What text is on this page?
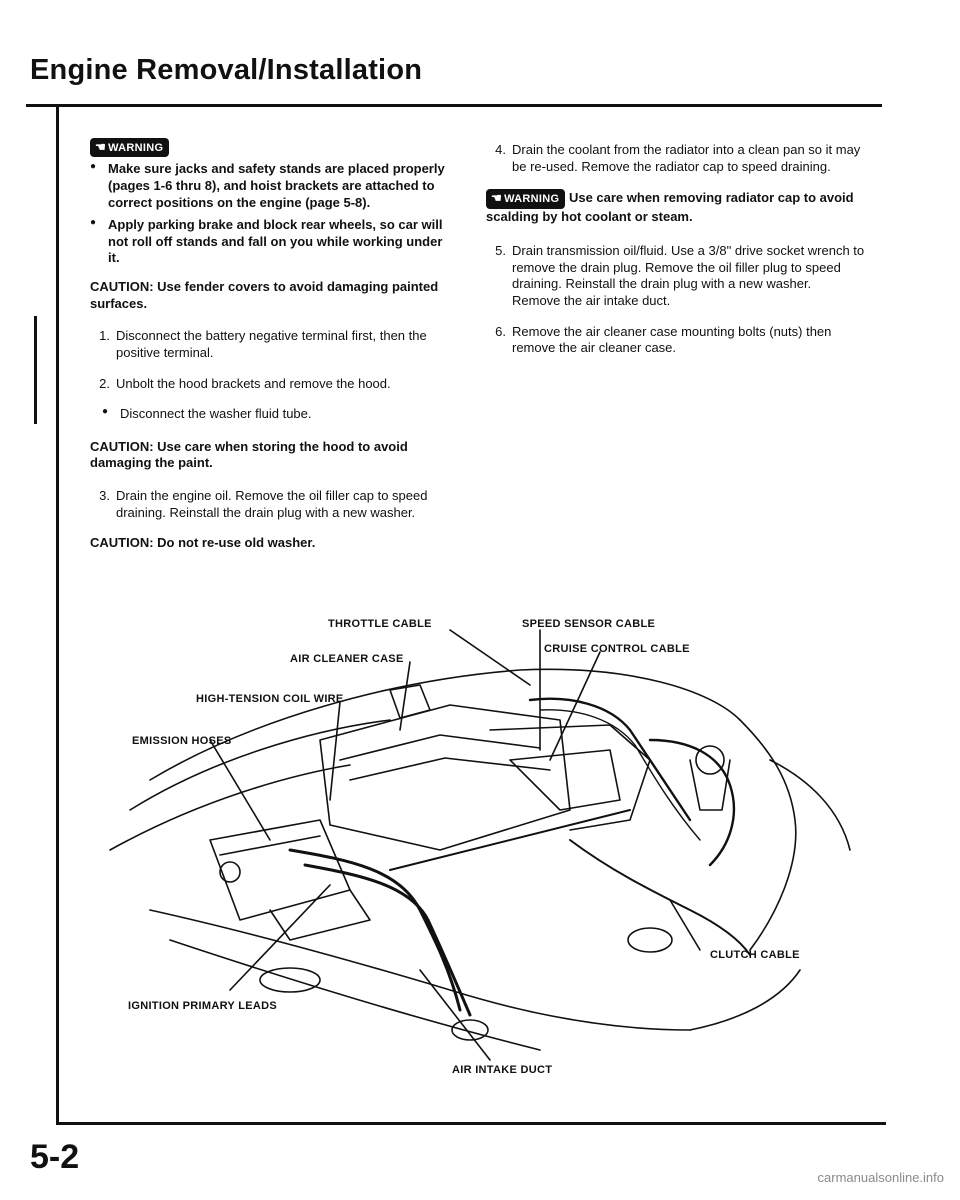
Engine Removal/Installation
☚ WARNING
● Make sure jacks and safety stands are placed properly (pages 1-6 thru 8), and hoist brackets are attached to correct positions on the engine (page 5-8).
● Apply parking brake and block rear wheels, so car will not roll off stands and fall on you while working under it.

CAUTION: Use fender covers to avoid damaging painted surfaces.

1. Disconnect the battery negative terminal first, then the positive terminal.
2. Unbolt the hood brackets and remove the hood.
● Disconnect the washer fluid tube.

CAUTION: Use care when storing the hood to avoid damaging the paint.

3. Drain the engine oil. Remove the oil filler cap to speed draining. Reinstall the drain plug with a new washer.

CAUTION: Do not re-use old washer.

4. Drain the coolant from the radiator into a clean pan so it may be re-used. Remove the radiator cap to speed draining.
☚ WARNING Use care when removing radiator cap to avoid scalding by hot coolant or steam.
5. Drain transmission oil/fluid. Use a 3/8" drive socket wrench to remove the drain plug. Remove the oil filler plug to speed draining. Reinstall the drain plug with a new washer.
Remove the air intake duct.
6. Remove the air cleaner case mounting bolts (nuts) then remove the air cleaner case.
THROTTLE CABLE	SPEED SENSOR CABLE
AIR CLEANER CASE
CRUISE CONTROL CABLE
HIGH-TENSION COIL WIRE
EMISSION HOSES
CLUTCH CABLE
IGNITION PRIMARY LEADS
AIR INTAKE DUCT
5-2
carmanualsonline.info
